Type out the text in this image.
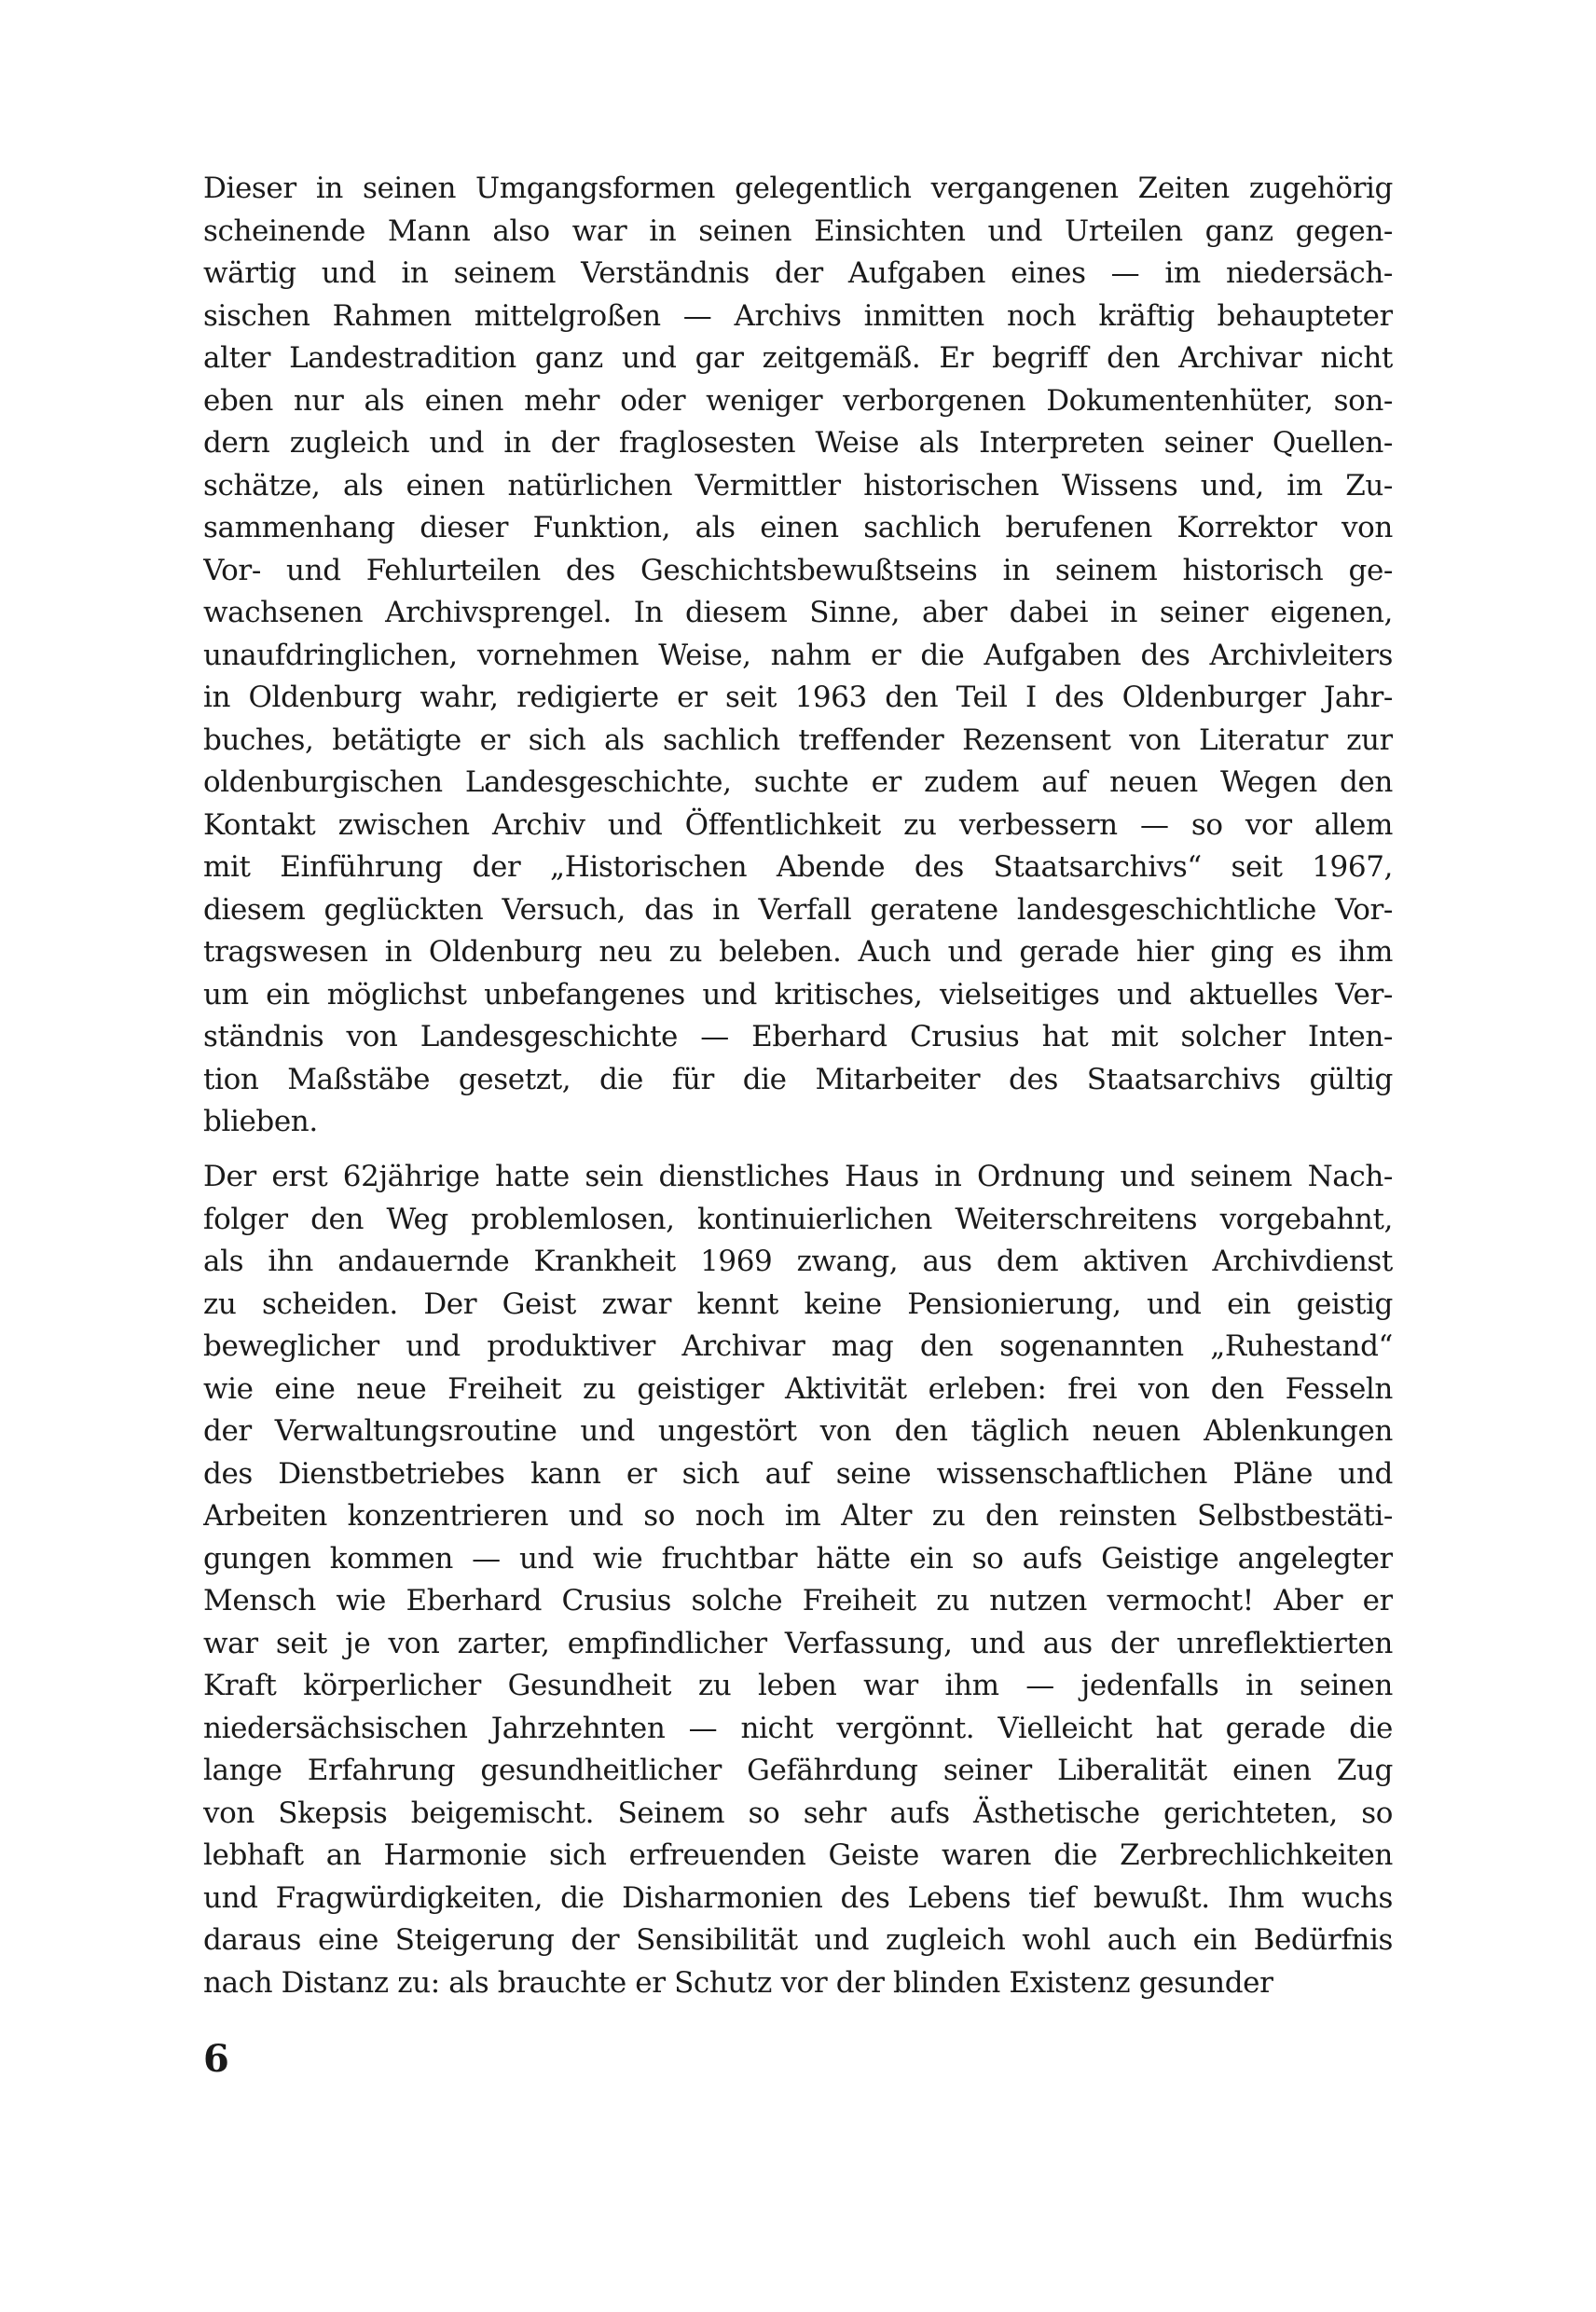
Dieser in seinen Umgangsformen gelegentlich vergangenen Zeiten zugehörig
scheinende Mann also war in seinen Einsichten und Urteilen ganz gegen-
wärtig und in seinem Verständnis der Aufgaben eines — im niedersäch-
sischen Rahmen mittelgroßen — Archivs inmitten noch kräftig behaupteter
alter Landestradition ganz und gar zeitgemäß. Er begriff den Archivar nicht
eben nur als einen mehr oder weniger verborgenen Dokumentenhüter, son-
dern zugleich und in der fraglosesten Weise als Interpreten seiner Quellen-
schätze, als einen natürlichen Vermittler historischen Wissens und, im Zu-
sammenhang dieser Funktion, als einen sachlich berufenen Korrektor von
Vor- und Fehlurteilen des Geschichtsbewußtseins in seinem historisch ge-
wachsenen Archivsprengel. In diesem Sinne, aber dabei in seiner eigenen,
unaufdringlichen, vornehmen Weise, nahm er die Aufgaben des Archivleiters
in Oldenburg wahr, redigierte er seit 1963 den Teil I des Oldenburger Jahr-
buches, betätigte er sich als sachlich treffender Rezensent von Literatur zur
oldenburgischen Landesgeschichte, suchte er zudem auf neuen Wegen den
Kontakt zwischen Archiv und Öffentlichkeit zu verbessern — so vor allem
mit Einführung der „Historischen Abende des Staatsarchivs“ seit 1967,
diesem geglückten Versuch, das in Verfall geratene landesgeschichtliche Vor-
tragswesen in Oldenburg neu zu beleben. Auch und gerade hier ging es ihm
um ein möglichst unbefangenes und kritisches, vielseitiges und aktuelles Ver-
ständnis von Landesgeschichte — Eberhard Crusius hat mit solcher Inten-
tion Maßstäbe gesetzt, die für die Mitarbeiter des Staatsarchivs gültig
blieben.
Der erst 62jährige hatte sein dienstliches Haus in Ordnung und seinem Nach-
folger den Weg problemlosen, kontinuierlichen Weiterschreitens vorgebahnt,
als ihn andauernde Krankheit 1969 zwang, aus dem aktiven Archivdienst
zu scheiden. Der Geist zwar kennt keine Pensionierung, und ein geistig
beweglicher und produktiver Archivar mag den sogenannten „Ruhestand“
wie eine neue Freiheit zu geistiger Aktivität erleben: frei von den Fesseln
der Verwaltungsroutine und ungestört von den täglich neuen Ablenkungen
des Dienstbetriebes kann er sich auf seine wissenschaftlichen Pläne und
Arbeiten konzentrieren und so noch im Alter zu den reinsten Selbstbestäti-
gungen kommen — und wie fruchtbar hätte ein so aufs Geistige angelegter
Mensch wie Eberhard Crusius solche Freiheit zu nutzen vermocht! Aber er
war seit je von zarter, empfindlicher Verfassung, und aus der unreflektierten
Kraft körperlicher Gesundheit zu leben war ihm — jedenfalls in seinen
niedersächsischen Jahrzehnten — nicht vergönnt. Vielleicht hat gerade die
lange Erfahrung gesundheitlicher Gefährdung seiner Liberalität einen Zug
von Skepsis beigemischt. Seinem so sehr aufs Ästhetische gerichteten, so
lebhaft an Harmonie sich erfreuenden Geiste waren die Zerbrechlichkeiten
und Fragwürdigkeiten, die Disharmonien des Lebens tief bewußt. Ihm wuchs
daraus eine Steigerung der Sensibilität und zugleich wohl auch ein Bedürfnis
nach Distanz zu: als brauchte er Schutz vor der blinden Existenz gesunder
6
